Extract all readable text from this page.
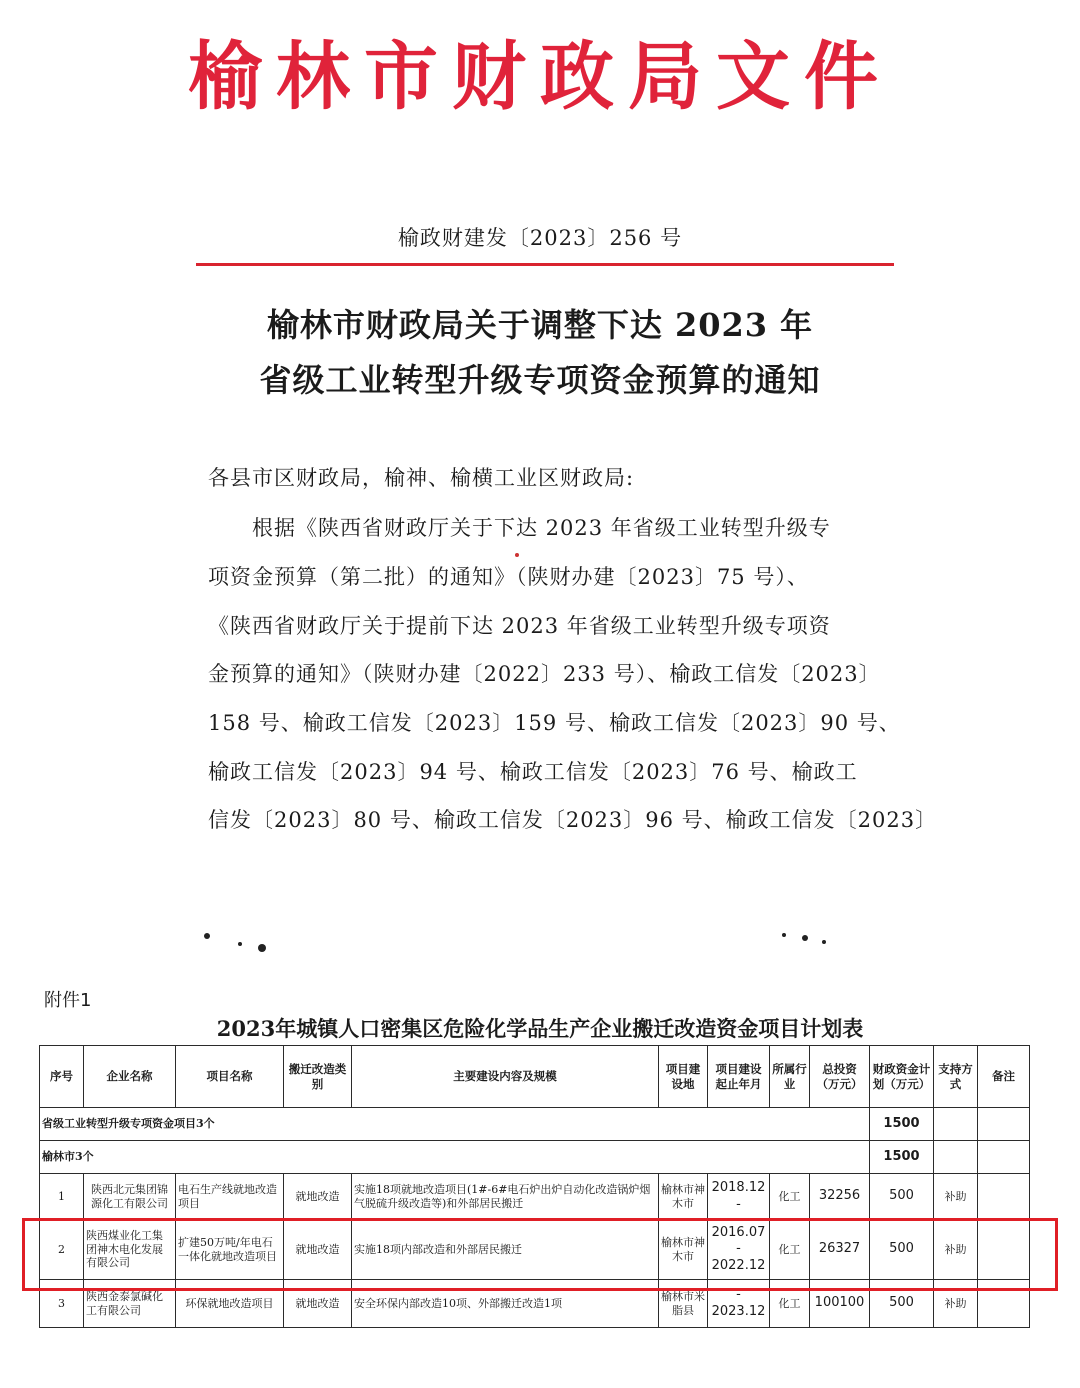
榆林市财政局文件
榆政财建发〔2023〕256 号
榆林市财政局关于调整下达 2023 年
省级工业转型升级专项资金预算的通知
各县市区财政局，榆神、榆横工业区财政局:
　　根据《陕西省财政厅关于下达 2023 年省级工业转型升级专
项资金预算（第二批）的通知》（陕财办建〔2023〕75 号）、
《陕西省财政厅关于提前下达 2023 年省级工业转型升级专项资
金预算的通知》（陕财办建〔2022〕233 号）、榆政工信发〔2023〕
158 号、榆政工信发〔2023〕159 号、榆政工信发〔2023〕90 号、
榆政工信发〔2023〕94 号、榆政工信发〔2023〕76 号、榆政工
信发〔2023〕80 号、榆政工信发〔2023〕96 号、榆政工信发〔2023〕
附件1
2023年城镇人口密集区危险化学品生产企业搬迁改造资金项目计划表
序号	企业名称	项目名称	搬迁改造类别	主要建设内容及规模	项目建设地	项目建设起止年月	所属行业	总投资（万元）	财政资金计划（万元）	支持方式	备注
省级工业转型升级专项资金项目3个									1500		
榆林市3个									1500		
1	陕西北元集团锦源化工有限公司	电石生产线就地改造项目	就地改造	实施18项就地改造项目(1#-6#电石炉出炉自动化改造锅炉烟气脱硫升级改造等)和外部居民搬迁	榆林市神木市	2018.12
-	化工	32256	500	补助	
2	陕西煤业化工集团神木电化发展有限公司	扩建50万吨/年电石一体化就地改造项目	就地改造	实施18项内部改造和外部居民搬迁	榆林市神木市	2016.07
-
2022.12	化工	26327	500	补助	
3	陕西金泰氯碱化工有限公司	环保就地改造项目	就地改造	安全环保内部改造10项、外部搬迁改造1项	榆林市米脂县	-
2023.12	化工	100100	500	补助	
